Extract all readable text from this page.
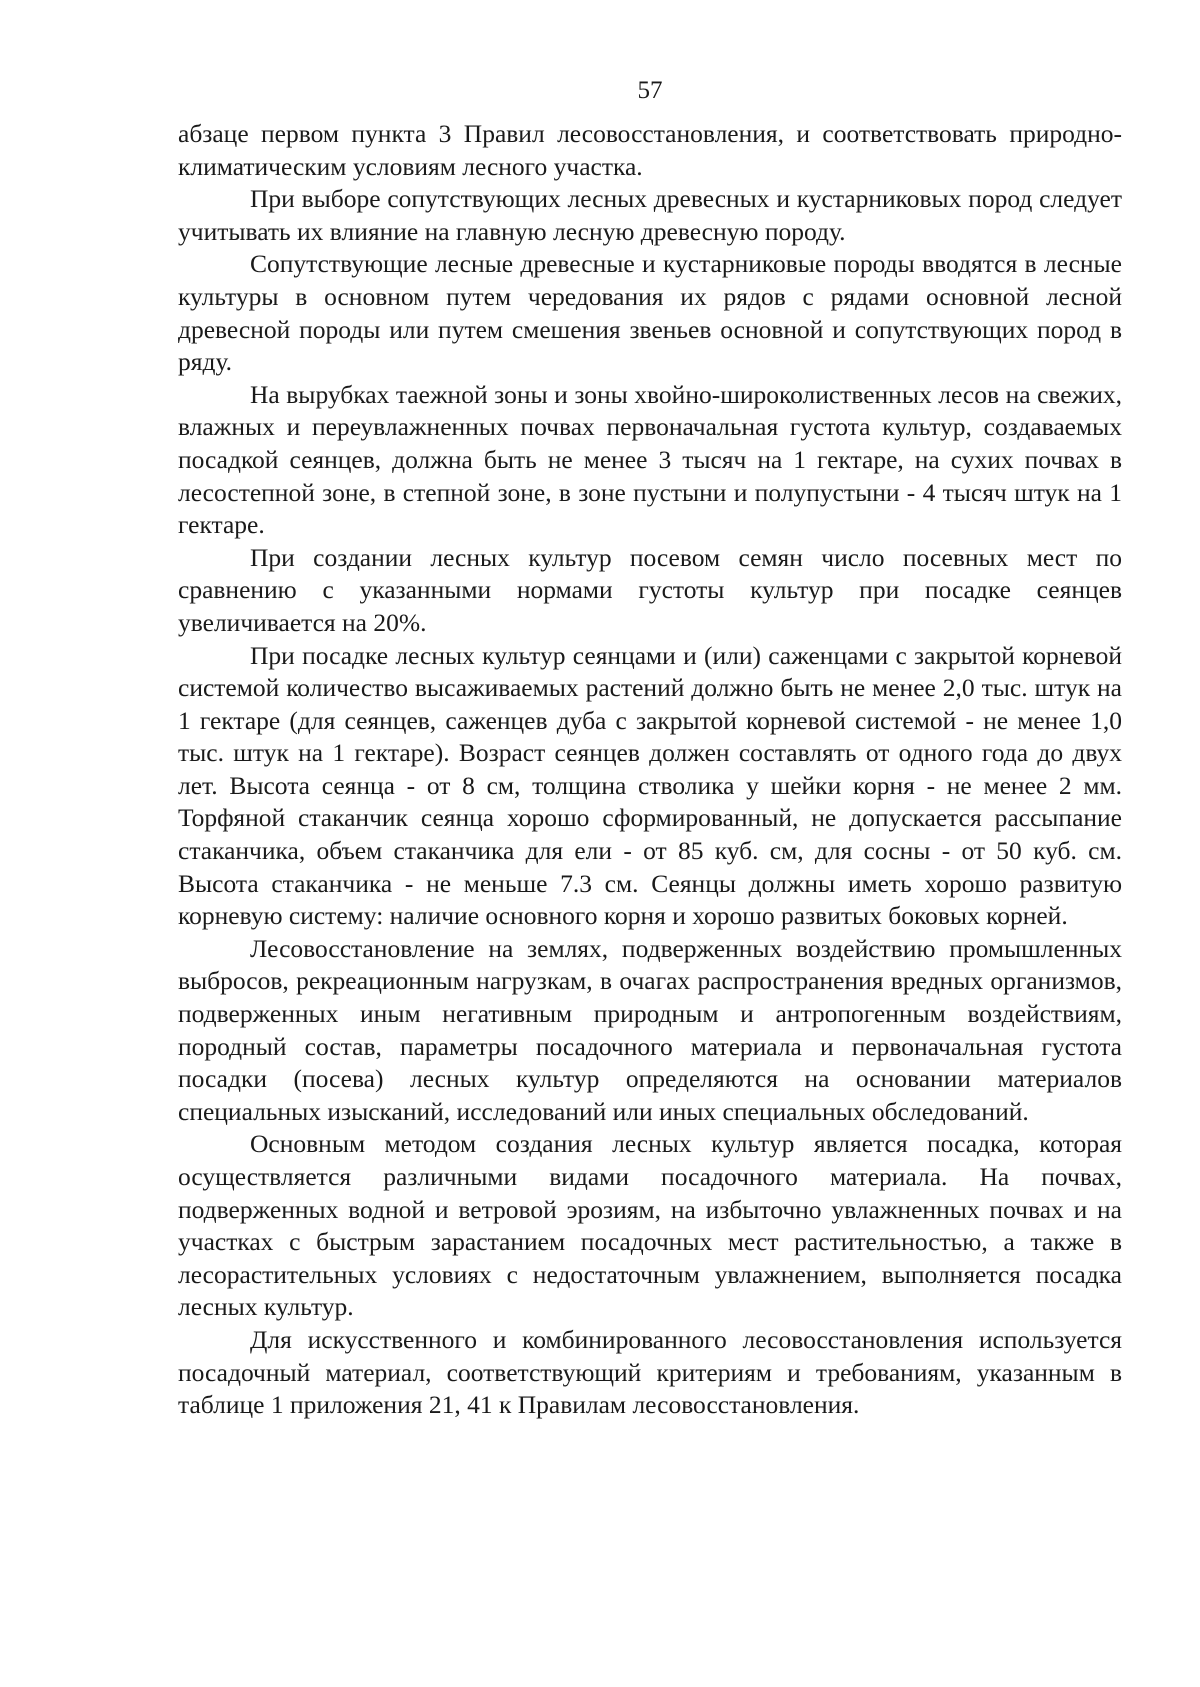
57

абзаце первом пункта 3 Правил лесовосстановления, и соответствовать природно-климатическим условиям лесного участка.

При выборе сопутствующих лесных древесных и кустарниковых пород следует учитывать их влияние на главную лесную древесную породу.

Сопутствующие лесные древесные и кустарниковые породы вводятся в лесные культуры в основном путем чередования их рядов с рядами основной лесной древесной породы или путем смешения звеньев основной и сопутствующих пород в ряду.

На вырубках таежной зоны и зоны хвойно-широколиственных лесов на свежих, влажных и переувлажненных почвах первоначальная густота культур, создаваемых посадкой сеянцев, должна быть не менее 3 тысяч на 1 гектаре, на сухих почвах в лесостепной зоне, в степной зоне, в зоне пустыни и полупустыни - 4 тысяч штук на 1 гектаре.

При создании лесных культур посевом семян число посевных мест по сравнению с указанными нормами густоты культур при посадке сеянцев увеличивается на 20%.

При посадке лесных культур сеянцами и (или) саженцами с закрытой корневой системой количество высаживаемых растений должно быть не менее 2,0 тыс. штук на 1 гектаре (для сеянцев, саженцев дуба с закрытой корневой системой - не менее 1,0 тыс. штук на 1 гектаре). Возраст сеянцев должен составлять от одного года до двух лет. Высота сеянца - от 8 см, толщина стволика у шейки корня - не менее 2 мм. Торфяной стаканчик сеянца хорошо сформированный, не допускается рассыпание стаканчика, объем стаканчика для ели - от 85 куб. см, для сосны - от 50 куб. см. Высота стаканчика - не меньше 7.3 см. Сеянцы должны иметь хорошо развитую корневую систему: наличие основного корня и хорошо развитых боковых корней.

Лесовосстановление на землях, подверженных воздействию промышленных выбросов, рекреационным нагрузкам, в очагах распространения вредных организмов, подверженных иным негативным природным и антропогенным воздействиям, породный состав, параметры посадочного материала и первоначальная густота посадки (посева) лесных культур определяются на основании материалов специальных изысканий, исследований или иных специальных обследований.

Основным методом создания лесных культур является посадка, которая осуществляется различными видами посадочного материала. На почвах, подверженных водной и ветровой эрозиям, на избыточно увлажненных почвах и на участках с быстрым зарастанием посадочных мест растительностью, а также в лесорастительных условиях с недостаточным увлажнением, выполняется посадка лесных культур.

Для искусственного и комбинированного лесовосстановления используется посадочный материал, соответствующий критериям и требованиям, указанным в таблице 1 приложения 21, 41 к Правилам лесовосстановления.
